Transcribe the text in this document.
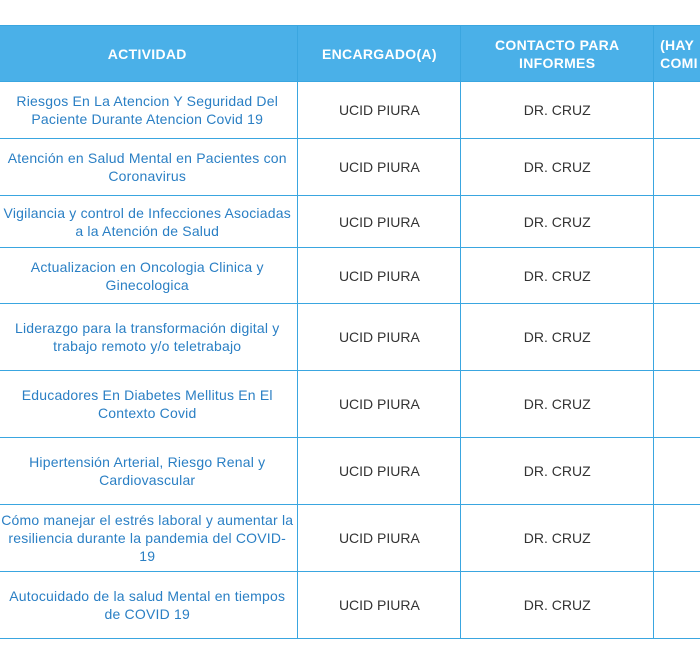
ACTIVIDAD	ENCARGADO(A)	CONTACTO PARA INFORMES	(HAY COMI
Riesgos En La Atencion Y Seguridad Del Paciente Durante Atencion Covid 19	UCID PIURA	DR. CRUZ	
Atención en Salud Mental en Pacientes con Coronavirus	UCID PIURA	DR. CRUZ	
Vigilancia y control de Infecciones Asociadas a la Atención de Salud	UCID PIURA	DR. CRUZ	
Actualizacion en Oncologia Clinica y Ginecologica	UCID PIURA	DR. CRUZ	
Liderazgo para la transformación digital y trabajo remoto y/o teletrabajo	UCID PIURA	DR. CRUZ	
Educadores En Diabetes Mellitus En El Contexto Covid	UCID PIURA	DR. CRUZ	
Hipertensión Arterial, Riesgo Renal y Cardiovascular	UCID PIURA	DR. CRUZ	
Cómo manejar el estrés laboral y aumentar la resiliencia durante la pandemia del COVID-19	UCID PIURA	DR. CRUZ	
Autocuidado de la salud Mental en tiempos de COVID 19	UCID PIURA	DR. CRUZ	
